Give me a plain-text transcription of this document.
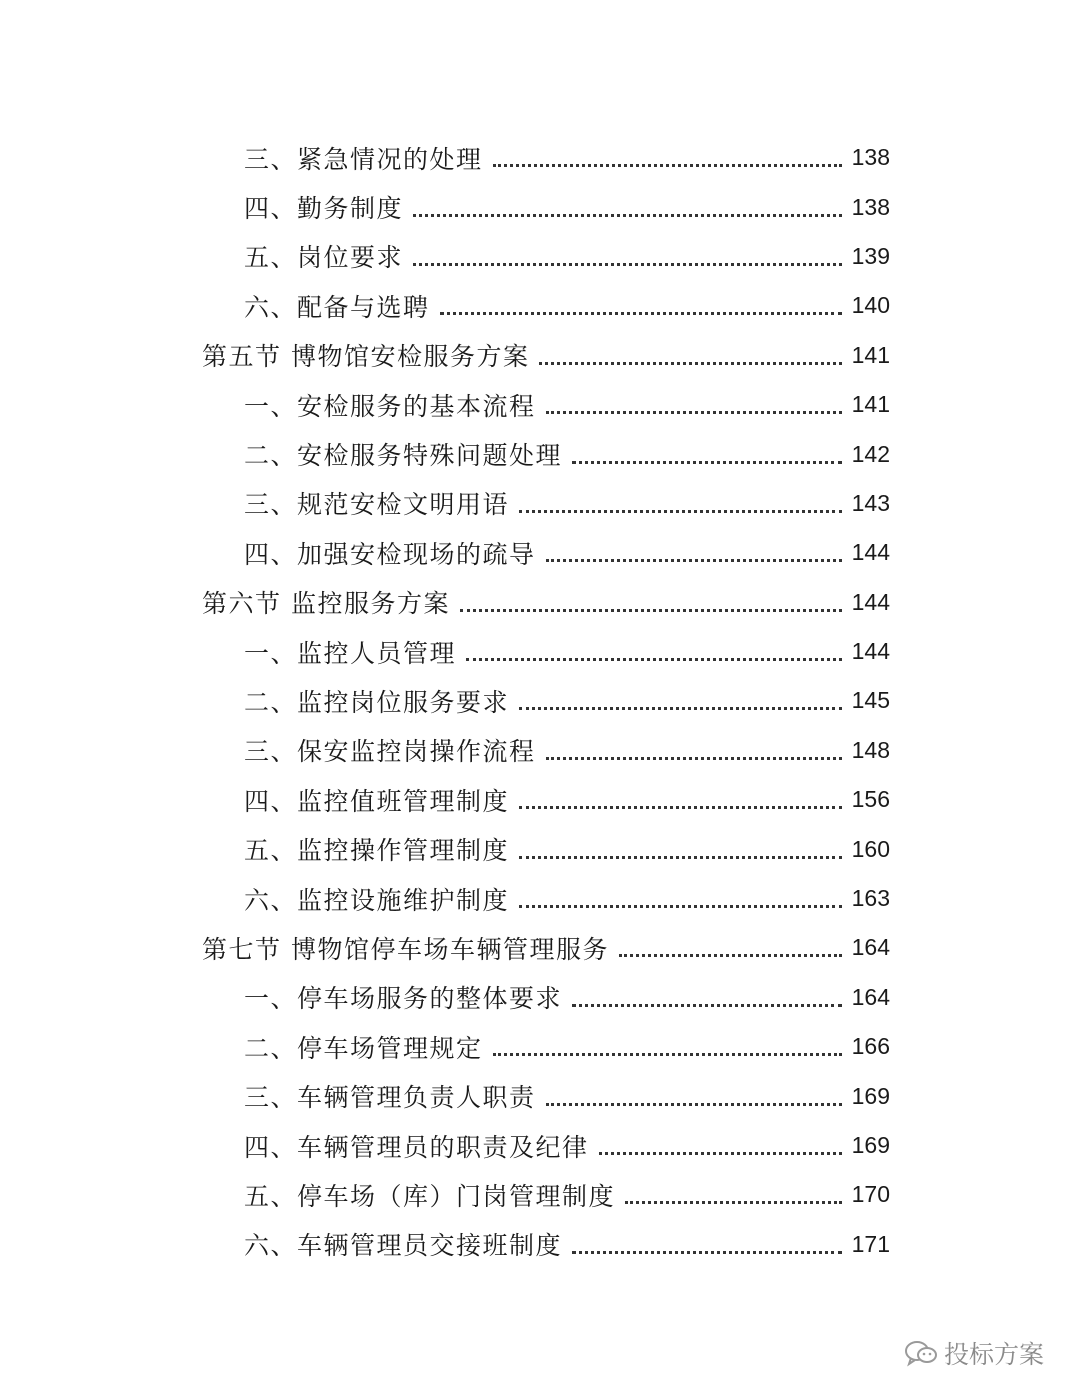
三、紧急情况的处理	138
四、勤务制度	138
五、岗位要求	139
六、配备与选聘	140
第五节 博物馆安检服务方案	141
一、安检服务的基本流程	141
二、安检服务特殊问题处理	142
三、规范安检文明用语	143
四、加强安检现场的疏导	144
第六节 监控服务方案	144
一、监控人员管理	144
二、监控岗位服务要求	145
三、保安监控岗操作流程	148
四、监控值班管理制度	156
五、监控操作管理制度	160
六、监控设施维护制度	163
第七节 博物馆停车场车辆管理服务	164
一、停车场服务的整体要求	164
二、停车场管理规定	166
三、车辆管理负责人职责	169
四、车辆管理员的职责及纪律	169
五、停车场（库）门岗管理制度	170
六、车辆管理员交接班制度	171
投标方案
